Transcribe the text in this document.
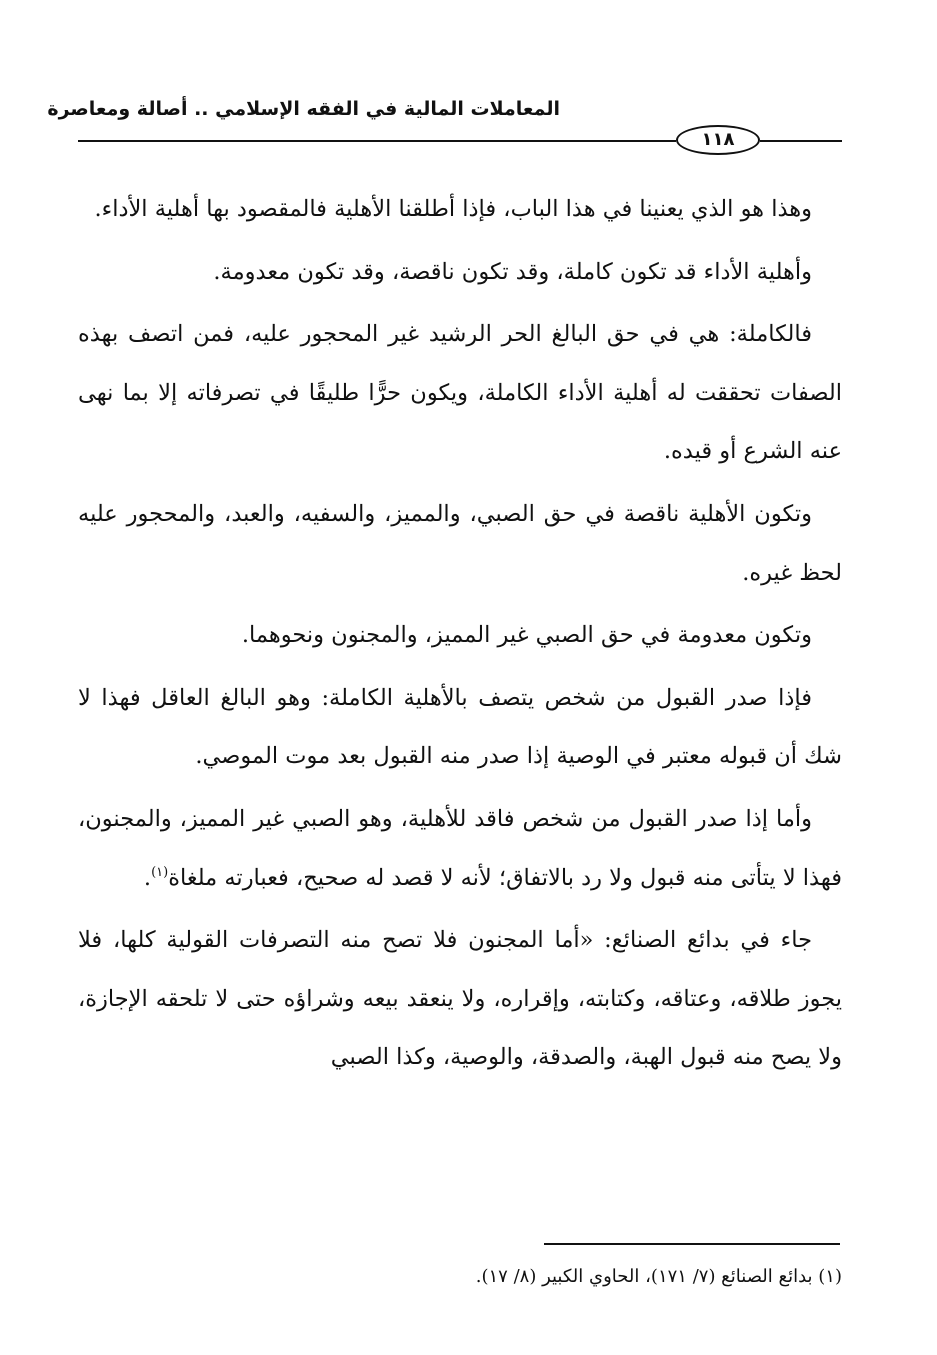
المعاملات المالية في الفقه الإسلامي .. أصالة ومعاصرة
١١٨

وهذا هو الذي يعنينا في هذا الباب، فإذا أطلقنا الأهلية فالمقصود بها أهلية الأداء.

وأهلية الأداء قد تكون كاملة، وقد تكون ناقصة، وقد تكون معدومة.

فالكاملة: هي في حق البالغ الحر الرشيد غير المحجور عليه، فمن اتصف بهذه الصفات تحققت له أهلية الأداء الكاملة، ويكون حرًّا طليقًا في تصرفاته إلا بما نهى عنه الشرع أو قيده.

وتكون الأهلية ناقصة في حق الصبي، والمميز، والسفيه، والعبد، والمحجور عليه لحظ غيره.

وتكون معدومة في حق الصبي غير المميز، والمجنون ونحوهما.

فإذا صدر القبول من شخص يتصف بالأهلية الكاملة: وهو البالغ العاقل فهذا لا شك أن قبوله معتبر في الوصية إذا صدر منه القبول بعد موت الموصي.

وأما إذا صدر القبول من شخص فاقد للأهلية، وهو الصبي غير المميز، والمجنون، فهذا لا يتأتى منه قبول ولا رد بالاتفاق؛ لأنه لا قصد له صحيح، فعبارته ملغاة$^{(١)}$.

جاء في بدائع الصنائع: «أما المجنون فلا تصح منه التصرفات القولية كلها، فلا يجوز طلاقه، وعتاقه، وكتابته، وإقراره، ولا ينعقد بيعه وشراؤه حتى لا تلحقه الإجازة، ولا يصح منه قبول الهبة، والصدقة، والوصية، وكذا الصبي

(١) بدائع الصنائع (٧/ ١٧١)، الحاوي الكبير (٨/ ١٧).
